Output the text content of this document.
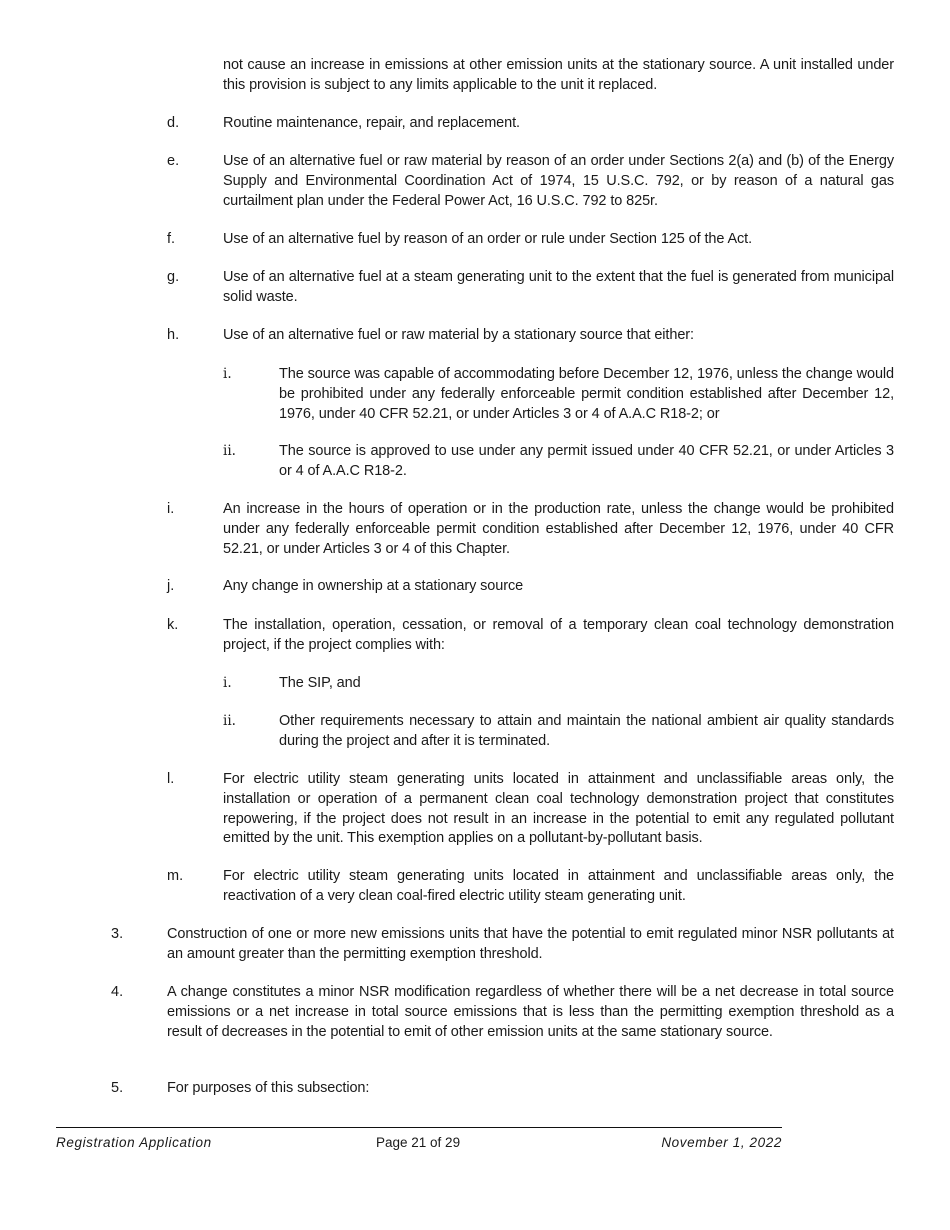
not cause an increase in emissions at other emission units at the stationary source. A unit installed under this provision is subject to any limits applicable to the unit it replaced.
d.	Routine maintenance, repair, and replacement.
e.	Use of an alternative fuel or raw material by reason of an order under Sections 2(a) and (b) of the Energy Supply and Environmental Coordination Act of 1974, 15 U.S.C. 792, or by reason of a natural gas curtailment plan under the Federal Power Act, 16 U.S.C. 792 to 825r.
f.	Use of an alternative fuel by reason of an order or rule under Section 125 of the Act.
g.	Use of an alternative fuel at a steam generating unit to the extent that the fuel is generated from municipal solid waste.
h.	Use of an alternative fuel or raw material by a stationary source that either:
i.	The source was capable of accommodating before December 12, 1976, unless the change would be prohibited under any federally enforceable permit condition established after December 12, 1976, under 40 CFR 52.21, or under Articles 3 or 4 of A.A.C R18-2; or
ii.	The source is approved to use under any permit issued under 40 CFR 52.21, or under Articles 3 or 4 of A.A.C R18-2.
i.	An increase in the hours of operation or in the production rate, unless the change would be prohibited under any federally enforceable permit condition established after December 12, 1976, under 40 CFR 52.21, or under Articles 3 or 4 of this Chapter.
j.	Any change in ownership at a stationary source
k.	The installation, operation, cessation, or removal of a temporary clean coal technology demonstration project, if the project complies with:
i.	The SIP, and
ii.	Other requirements necessary to attain and maintain the national ambient air quality standards during the project and after it is terminated.
l.	For electric utility steam generating units located in attainment and unclassifiable areas only, the installation or operation of a permanent clean coal technology demonstration project that constitutes repowering, if the project does not result in an increase in the potential to emit any regulated pollutant emitted by the unit. This exemption applies on a pollutant-by-pollutant basis.
m.	For electric utility steam generating units located in attainment and unclassifiable areas only, the reactivation of a very clean coal-fired electric utility steam generating unit.
3.	Construction of one or more new emissions units that have the potential to emit regulated minor NSR pollutants at an amount greater than the permitting exemption threshold.
4.	A change constitutes a minor NSR modification regardless of whether there will be a net decrease in total source emissions or a net increase in total source emissions that is less than the permitting exemption threshold as a result of decreases in the potential to emit of other emission units at the same stationary source.
5.	For purposes of this subsection:
Registration Application	Page 21 of 29	November 1, 2022
